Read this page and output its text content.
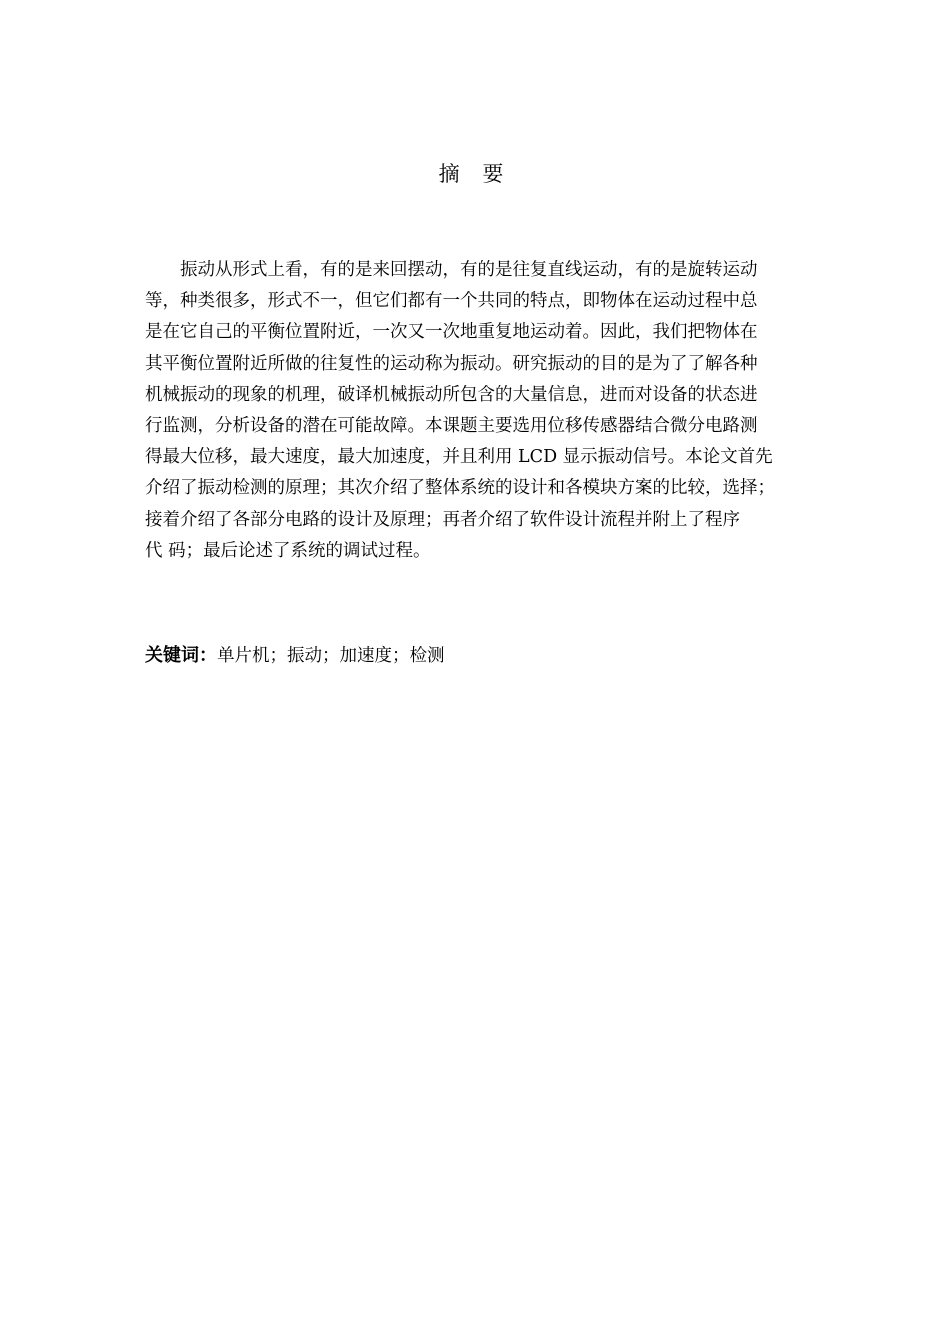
摘 要
振动从形式上看，有的是来回摆动，有的是往复直线运动，有的是旋转运动
等，种类很多，形式不一，但它们都有一个共同的特点，即物体在运动过程中总
是在它自己的平衡位置附近，一次又一次地重复地运动着。因此，我们把物体在
其平衡位置附近所做的往复性的运动称为振动。研究振动的目的是为了了解各种
机械振动的现象的机理，破译机械振动所包含的大量信息，进而对设备的状态进
行监测，分析设备的潜在可能故障。本课题主要选用位移传感器结合微分电路测
得最大位移，最大速度，最大加速度，并且利用 LCD 显示振动信号。本论文首先
介绍了振动检测的原理；其次介绍了整体系统的设计和各模块方案的比较，选择；
接着介绍了各部分电路的设计及原理；再者介绍了软件设计流程并附上了程序
代 码；最后论述了系统的调试过程。
关键词：单片机；振动；加速度；检测
